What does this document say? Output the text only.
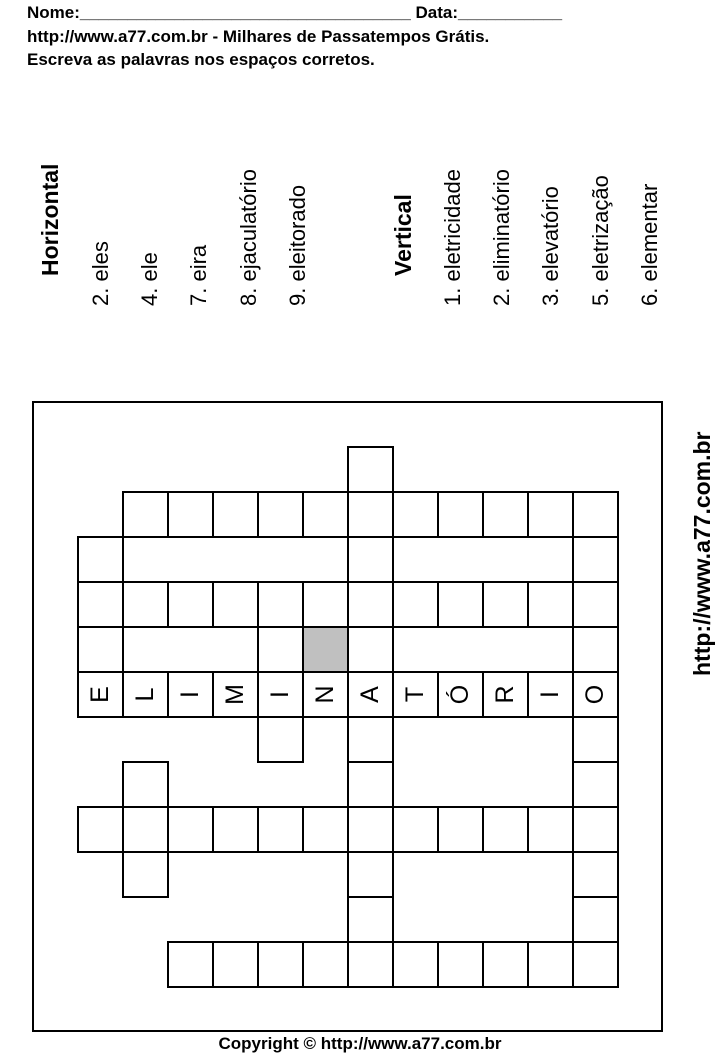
Nome:___________________________________ Data:___________
http://www.a77.com.br - Milhares de Passatempos Grátis.
Escreva as palavras nos espaços corretos.
Horizontal 2. eles 4. ele 7. eira 8. ejaculatório 9. eleitorado	Vertical 1. eletricidade 2. eliminatório 3. elevatório 5. eletrização 6. elementar
http://www.a77.com.br
A	O
E L I M I N	T Ó R I
Copyright © http://www.a77.com.br
